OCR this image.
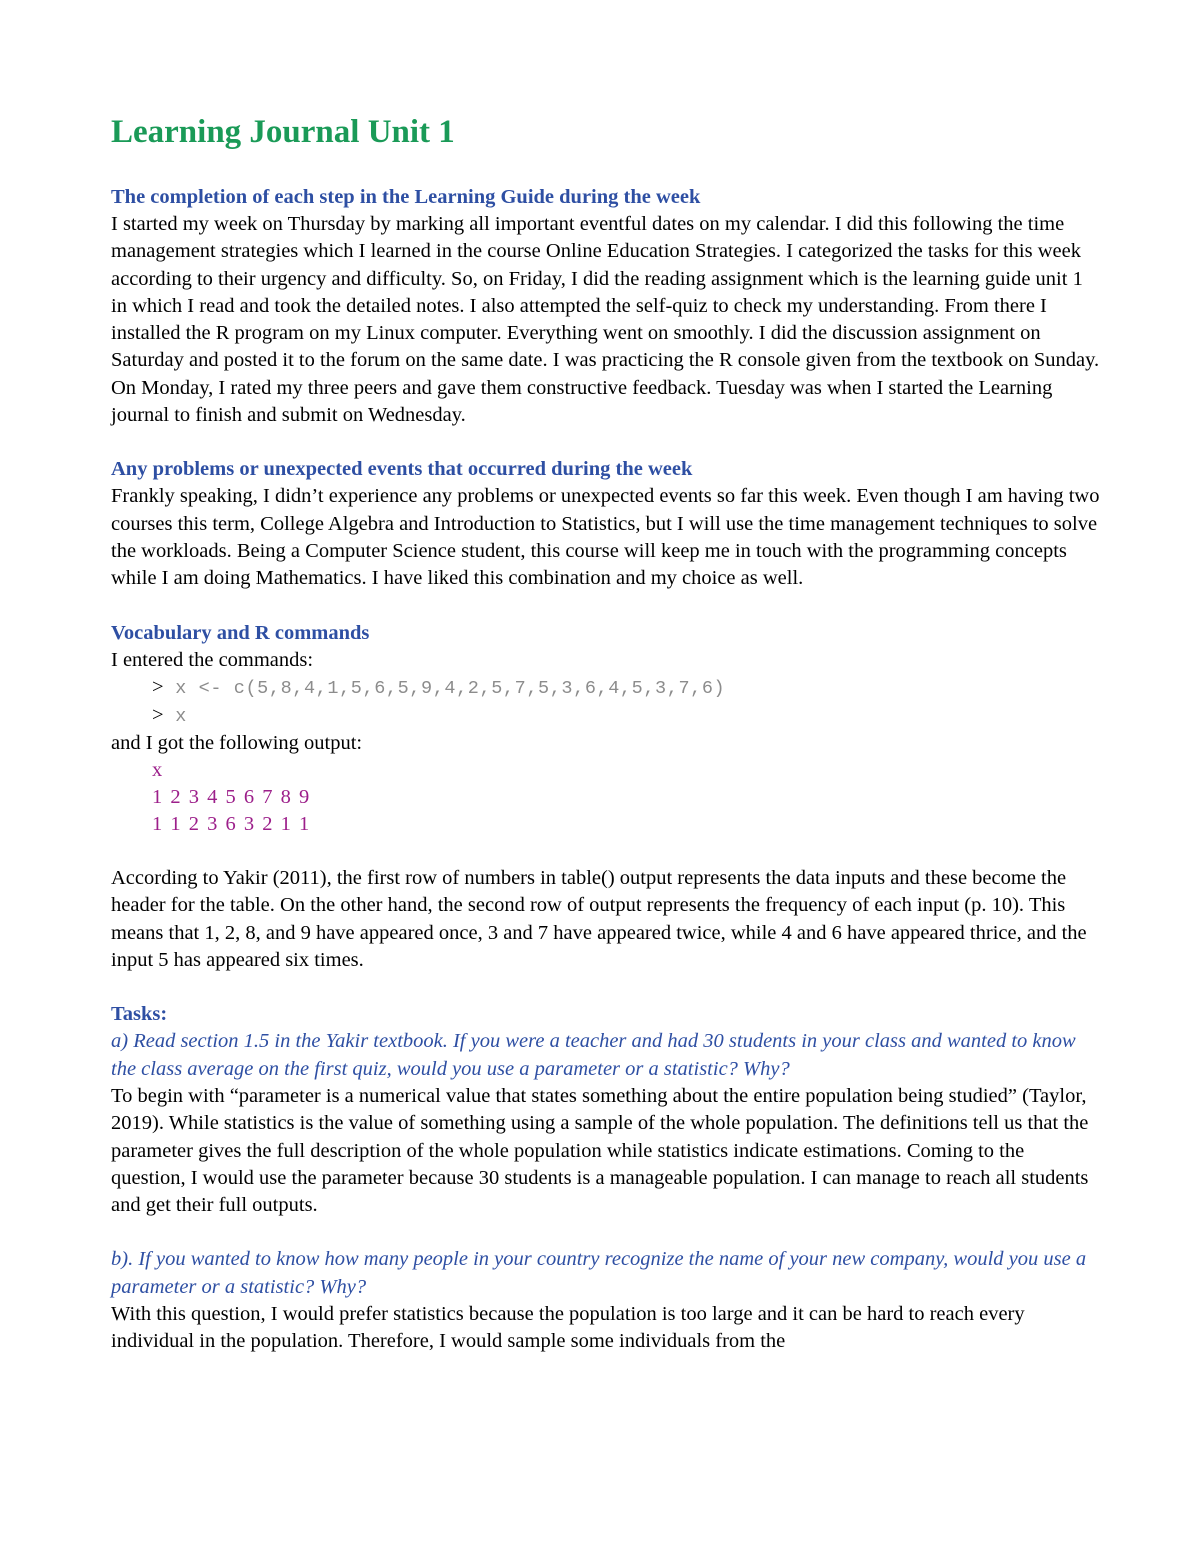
Learning Journal Unit 1
The completion of each step in the Learning Guide during the week

I started my week on Thursday by marking all important eventful dates on my calendar. I did this following the time management strategies which I learned in the course Online Education Strategies. I categorized the tasks for this week according to their urgency and difficulty. So, on Friday, I did the reading assignment which is the learning guide unit 1 in which I read and took the detailed notes. I also attempted the self-quiz to check my understanding. From there I installed the R program on my Linux computer. Everything went on smoothly. I did the discussion assignment on Saturday and posted it to the forum on the same date. I was practicing the R console given from the textbook on Sunday. On Monday, I rated my three peers and gave them constructive feedback. Tuesday was when I started the Learning journal to finish and submit on Wednesday.

Any problems or unexpected events that occurred during the week

Frankly speaking, I didn’t experience any problems or unexpected events so far this week. Even though I am having two courses this term, College Algebra and Introduction to Statistics, but I will use the time management techniques to solve the workloads. Being a Computer Science student, this course will keep me in touch with the programming concepts while I am doing Mathematics. I have liked this combination and my choice as well.

Vocabulary and R commands

I entered the commands:

> x <- c(5,8,4,1,5,6,5,9,4,2,5,7,5,3,6,4,5,3,7,6)
> x

and I got the following output:

x
1 2 3 4 5 6 7 8 9
1 1 2 3 6 3 2 1 1

According to Yakir (2011), the first row of numbers in table() output represents the data inputs and these become the header for the table. On the other hand, the second row of output represents the frequency of each input (p. 10). This means that 1, 2, 8, and 9 have appeared once, 3 and 7 have appeared twice, while 4 and 6 have appeared thrice, and the input 5 has appeared six times.

Tasks:

a) Read section 1.5 in the Yakir textbook. If you were a teacher and had 30 students in your class and wanted to know the class average on the first quiz, would you use a parameter or a statistic? Why?

To begin with “parameter is a numerical value that states something about the entire population being studied” (Taylor, 2019). While statistics is the value of something using a sample of the whole population. The definitions tell us that the parameter gives the full description of the whole population while statistics indicate estimations. Coming to the question, I would use the parameter because 30 students is a manageable population. I can manage to reach all students and get their full outputs.

b). If you wanted to know how many people in your country recognize the name of your new company, would you use a parameter or a statistic? Why?

With this question, I would prefer statistics because the population is too large and it can be hard to reach every individual in the population. Therefore, I would sample some individuals from the
